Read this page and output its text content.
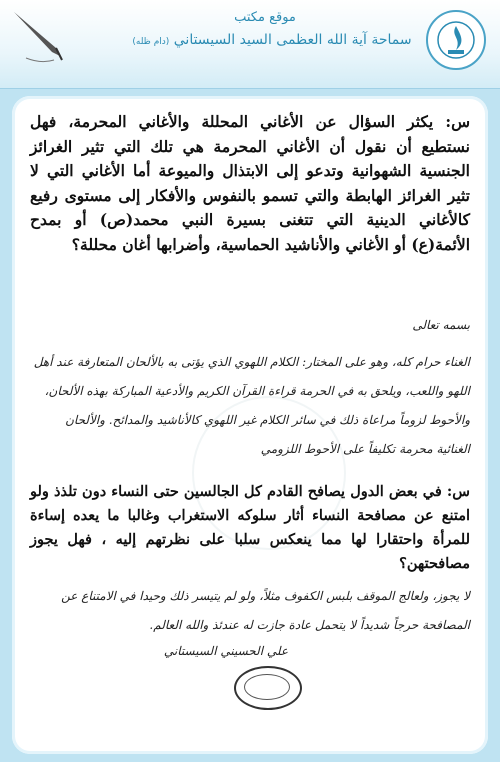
موقع مكتب
سماحة آية الله العظمى السيد السيستاني (دام ظله)
س: يكثر السؤال عن الأغاني المحللة والأغاني المحرمة، فهل نستطيع أن نقول أن الأغاني المحرمة هي تلك التي تثير الغرائز الجنسية الشهوانية وتدعو إلى الابتذال والميوعة أما الأغاني التي لا تثير الغرائز الهابطة والتي تسمو بالنفوس والأفكار إلى مستوى رفيع كالأغاني الدينية التي تتغنى بسيرة النبي محمد(ص) أو بمدح الأئمة(ع) أو الأغاني والأناشيد الحماسية، وأضرابها أغان محللة؟
بسمه تعالى
الغناء حرام كله، وهو على المختار: الكلام اللهوي الذي يؤتى به بالألحان المتعارفة عند أهل اللهو واللعب، ويلحق به في الحرمة قراءة القرآن الكريم والأدعية المباركة بهذه الألحان، والأحوط لزوماً مراعاة ذلك في سائر الكلام غير اللهوي كالأناشيد والمدائح. والألحان الغنائية محرمة تكليفاً على الأحوط اللزومي
س: في بعض الدول يصافح القادم كل الجالسين حتى النساء دون تلذذ ولو امتنع عن مصافحة النساء أثار سلوكه الاستغراب وغالبا ما يعده إساءة للمرأة واحتقارا لها مما ينعكس سلبا على نظرتهم إليه ، فهل يجوز مصافحتهن؟
لا يجوز، ولعالج الموقف بلبس الكفوف مثلاً، ولو لم يتيسر ذلك وحيدا في الامتناع عن المصافحة حرجاً شديداً لا يتحمل عادة جازت له عندئذ والله العالم.
علي الحسيني السيستاني
